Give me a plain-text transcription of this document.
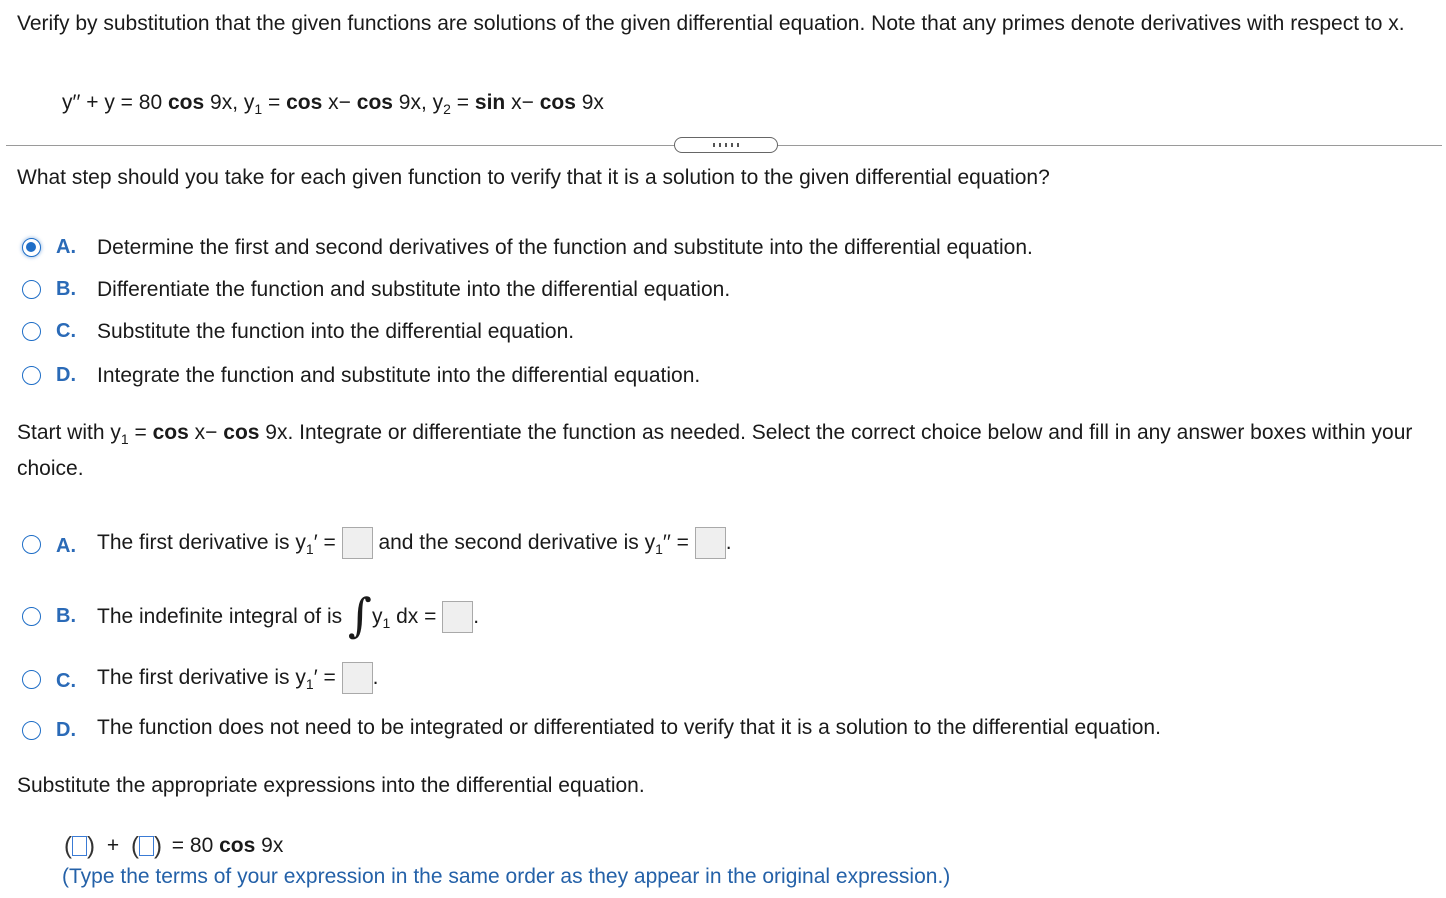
Verify by substitution that the given functions are solutions of the given differential equation. Note that any primes denote derivatives with respect to x.
y′′ + y = 80 cos 9x, $y_1 = \cos x- \cos 9x$, $y_2 = \sin x- \cos 9x$
What step should you take for each given function to verify that it is a solution to the given differential equation?
A. Determine the first and second derivatives of the function and substitute into the differential equation.
B. Differentiate the function and substitute into the differential equation.
C. Substitute the function into the differential equation.
D. Integrate the function and substitute into the differential equation.
Start with $y_1 = \cos x- \cos 9x$. Integrate or differentiate the function as needed. Select the correct choice below and fill in any answer boxes within your choice.
A. The first derivative is $y_1'$ = and the second derivative is $y_1''$ = .
B. The indefinite integral of is $\int y_1$ dx = .
C. The first derivative is $y_1'$ = .
D. The function does not need to be integrated or differentiated to verify that it is a solution to the differential equation.
Substitute the appropriate expressions into the differential equation.
( ) + ( ) = 80 cos 9x
(Type the terms of your expression in the same order as they appear in the original expression.)
